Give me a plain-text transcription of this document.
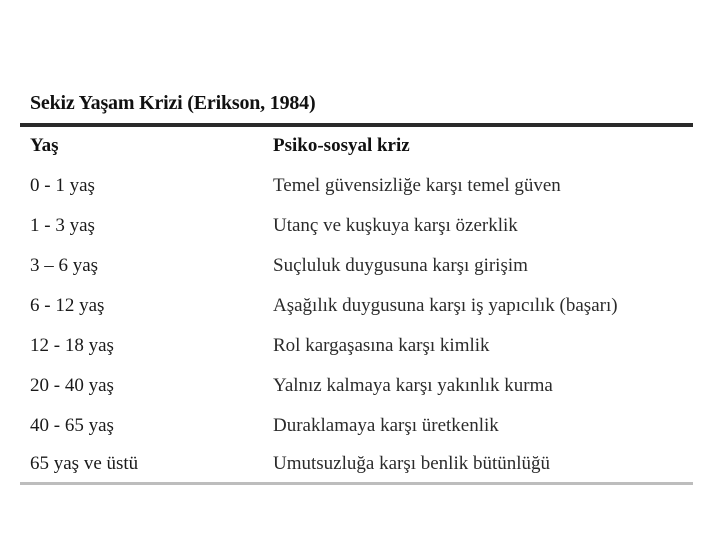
Sekiz Yaşam Krizi (Erikson, 1984)
Yaş	Psiko-sosyal kriz
0 - 1 yaş	Temel güvensizliğe karşı temel güven
1 - 3 yaş	Utanç ve kuşkuya karşı özerklik
3 – 6 yaş	Suçluluk duygusuna karşı girişim
6 - 12 yaş	Aşağılık duygusuna karşı iş yapıcılık (başarı)
12 - 18 yaş	Rol kargaşasına karşı kimlik
20 - 40 yaş	Yalnız kalmaya karşı yakınlık kurma
40 - 65 yaş	Duraklamaya karşı üretkenlik
65 yaş ve üstü	Umutsuzluğa karşı benlik bütünlüğü
